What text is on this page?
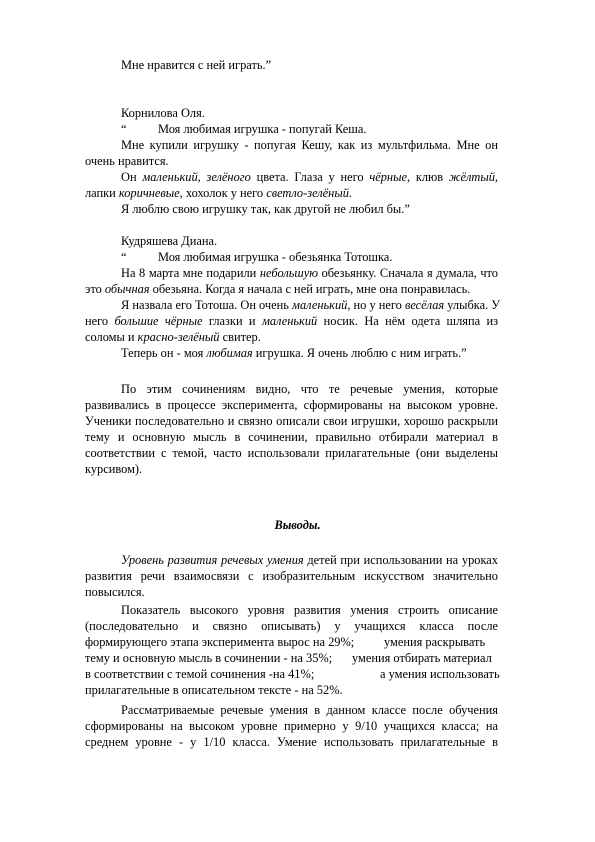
Мне нравится с ней играть.”
Корнилова Оля.
“	Моя любимая игрушка - попугай Кеша.
Мне купили игрушку - попугая Кешу, как из мультфильма. Мне он
очень нравится.
Он маленький, зелёного цвета. Глаза у него чёрные, клюв жёлтый,
лапки коричневые, хохолок у него светло-зелёный.
Я люблю свою игрушку так, как другой не любил бы.”
Кудряшева Диана.
“	Моя любимая игрушка - обезьянка Тотошка.
На 8 марта мне подарили небольшую обезьянку. Сначала я думала, что
это обычная обезьяна. Когда я начала с ней играть, мне она понравилась.
Я назвала его Тотоша. Он очень маленький, но у него весёлая улыбка. У
него большие чёрные глазки и маленький носик. На нём одета шляпа из
соломы и красно-зелёный свитер.
Теперь он - моя любимая игрушка. Я очень люблю с ним играть.”
По этим сочинениям видно, что те речевые умения, которые
развивались в процессе эксперимента, сформированы на высоком уровне.
Ученики последовательно и связно описали свои игрушки, хорошо раскрыли
тему и основную мысль в сочинении, правильно отбирали материал в
соответствии с темой, часто использовали прилагательные (они выделены
курсивом).
Выводы.
Уровень развития речевых умения детей при использовании на уроках
развития речи взаимосвязи с изобразительным искусством значительно
повысился.
Показатель высокого уровня развития умения строить описание
(последовательно и связно описывать) у учащихся класса после
формирующего этапа эксперимента вырос на 29%; умения раскрывать
тему и основную мысль в сочинении - на 35%; умения отбирать материал
в соответствии с темой сочинения -на 41%;	а умения использовать
прилагательные в описательном тексте - на 52%.
Рассматриваемые речевые умения в данном классе после обучения
сформированы на высоком уровне примерно у 9/10 учащихся класса; на
среднем уровне - у 1/10 класса. Умение использовать прилагательные в
